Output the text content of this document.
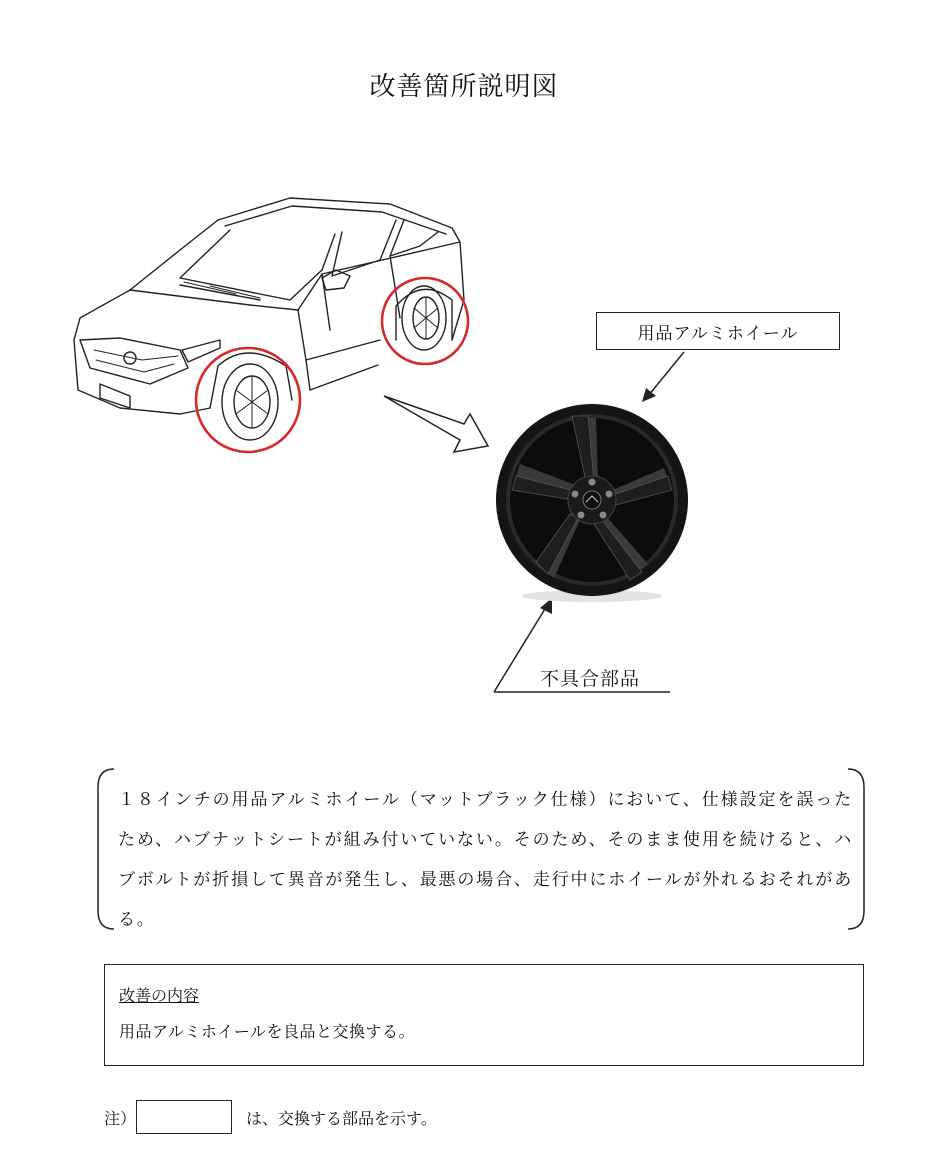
改善箇所説明図
用品アルミホイール
不具合部品
１８インチの用品アルミホイール（マットブラック仕様）において、仕様設定を誤ったため、ハブナットシートが組み付いていない。そのため、そのまま使用を続けると、ハブボルトが折損して異音が発生し、最悪の場合、走行中にホイールが外れるおそれがある。
改善の内容
用品アルミホイールを良品と交換する。
注）	は、交換する部品を示す。
